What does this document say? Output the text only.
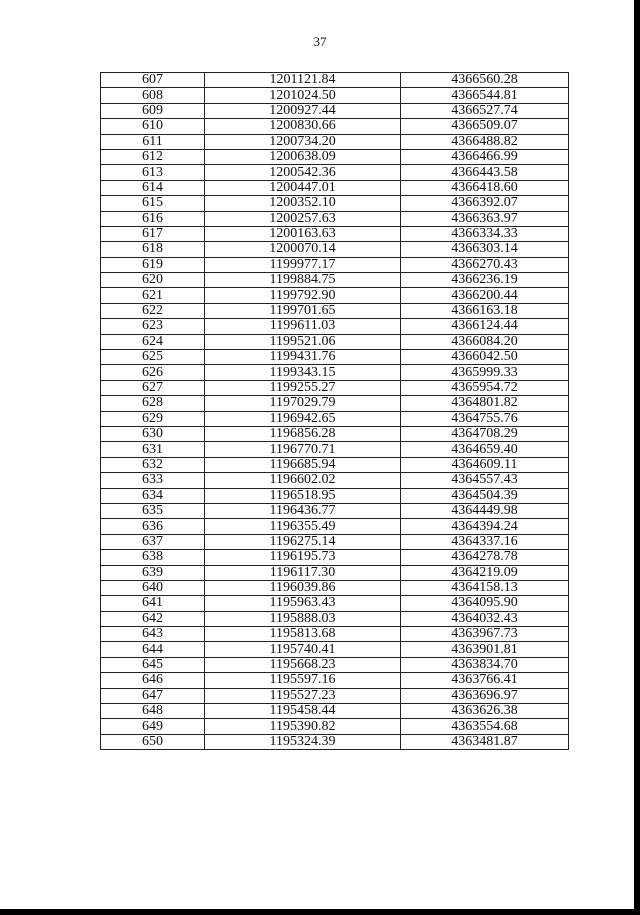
37
607	1201121.84	4366560.28
608	1201024.50	4366544.81
609	1200927.44	4366527.74
610	1200830.66	4366509.07
611	1200734.20	4366488.82
612	1200638.09	4366466.99
613	1200542.36	4366443.58
614	1200447.01	4366418.60
615	1200352.10	4366392.07
616	1200257.63	4366363.97
617	1200163.63	4366334.33
618	1200070.14	4366303.14
619	1199977.17	4366270.43
620	1199884.75	4366236.19
621	1199792.90	4366200.44
622	1199701.65	4366163.18
623	1199611.03	4366124.44
624	1199521.06	4366084.20
625	1199431.76	4366042.50
626	1199343.15	4365999.33
627	1199255.27	4365954.72
628	1197029.79	4364801.82
629	1196942.65	4364755.76
630	1196856.28	4364708.29
631	1196770.71	4364659.40
632	1196685.94	4364609.11
633	1196602.02	4364557.43
634	1196518.95	4364504.39
635	1196436.77	4364449.98
636	1196355.49	4364394.24
637	1196275.14	4364337.16
638	1196195.73	4364278.78
639	1196117.30	4364219.09
640	1196039.86	4364158.13
641	1195963.43	4364095.90
642	1195888.03	4364032.43
643	1195813.68	4363967.73
644	1195740.41	4363901.81
645	1195668.23	4363834.70
646	1195597.16	4363766.41
647	1195527.23	4363696.97
648	1195458.44	4363626.38
649	1195390.82	4363554.68
650	1195324.39	4363481.87
